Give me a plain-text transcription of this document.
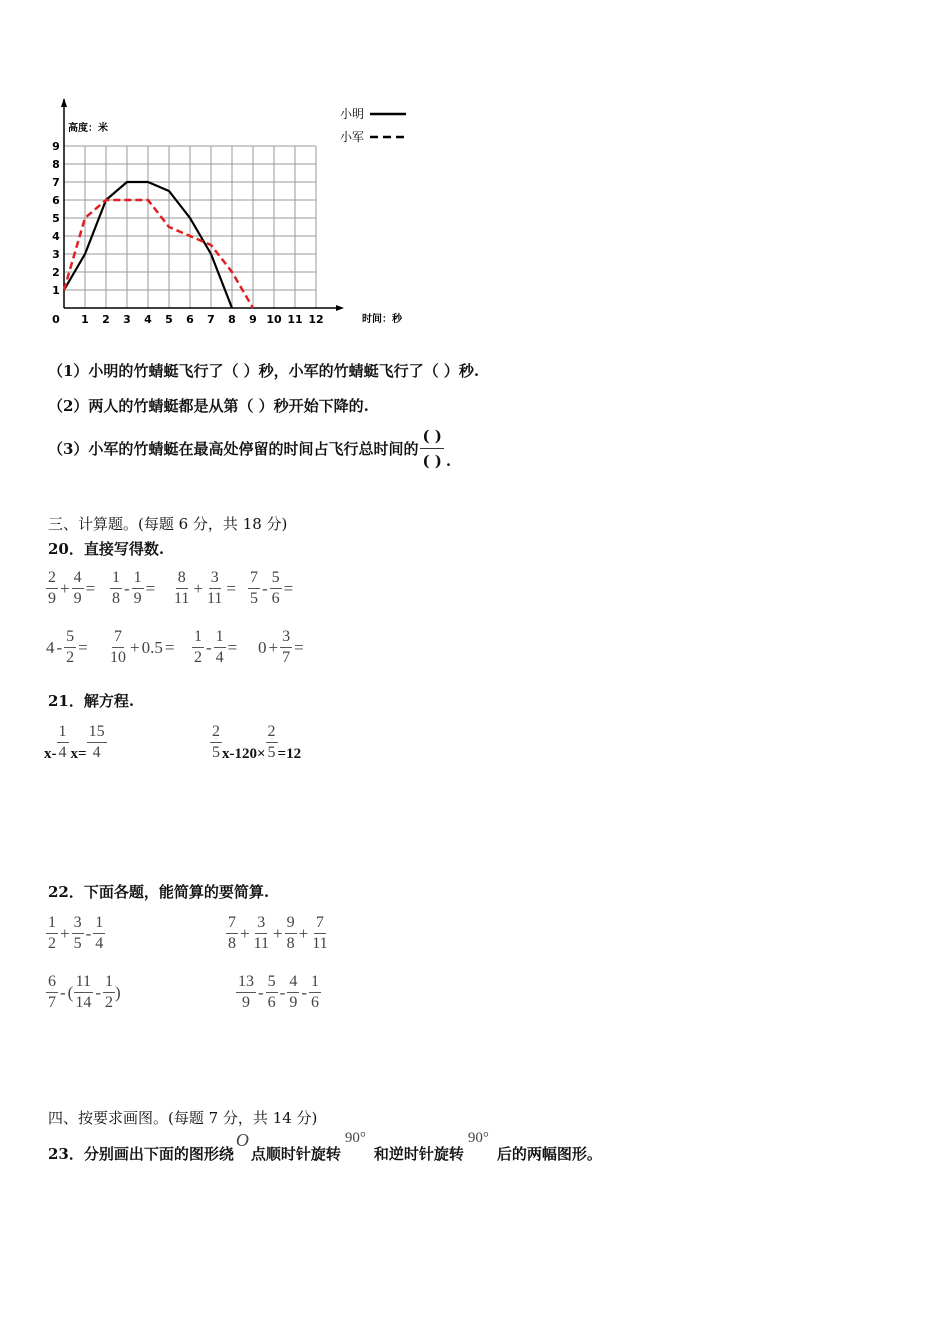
0 1 2 3 4 5 6 7 8 9 10 11 12
1
2
3
4
5
6
7
8
9
高度：米
时间：秒
小明
小军
（1）小明的竹蜻蜓飞行了（ ）秒，小军的竹蜻蜓飞行了（ ）秒.
（2）两人的竹蜻蜓都是从第（ ）秒开始下降的.
（3）小军的竹蜻蜓在最高处停留的时间占飞行总时间的
( )
( ) .
三、计算题。(每题 6 分，共 18 分)
20．直接写得数.
$\frac{2}{9} + \frac{4}{9} = \frac{1}{8} - \frac{1}{9} = \frac{8}{11} + \frac{3}{11} = \frac{7}{5} - \frac{5}{6}$ =
$4 - \frac{5}{2} = \frac{7}{10} + 0.5 = \frac{1}{2} - \frac{1}{4} = 0 + \frac{3}{7}$ =
21．解方程.
$x- \frac{1}{4} x= \frac{15}{4}$	$\frac{2}{5} x-120\times \frac{2}{5} =12$
22．下面各题，能简算的要简算.
$\frac{1}{2} + \frac{3}{5} - \frac{1}{4}$	$\frac{7}{8} + \frac{3}{11} + \frac{9}{8} + \frac{7}{11}$
$\frac{6}{7}$ - ( $\frac{11}{14} - \frac{1}{2}$ )	$\frac{13}{9} - \frac{5}{6} - \frac{4}{9} - \frac{1}{6}$
四、按要求画图。(每题 7 分，共 14 分)
23．分别画出下面的图形绕
O
点顺时针旋转
90°
和逆时针旋转
90°
后的两幅图形。
